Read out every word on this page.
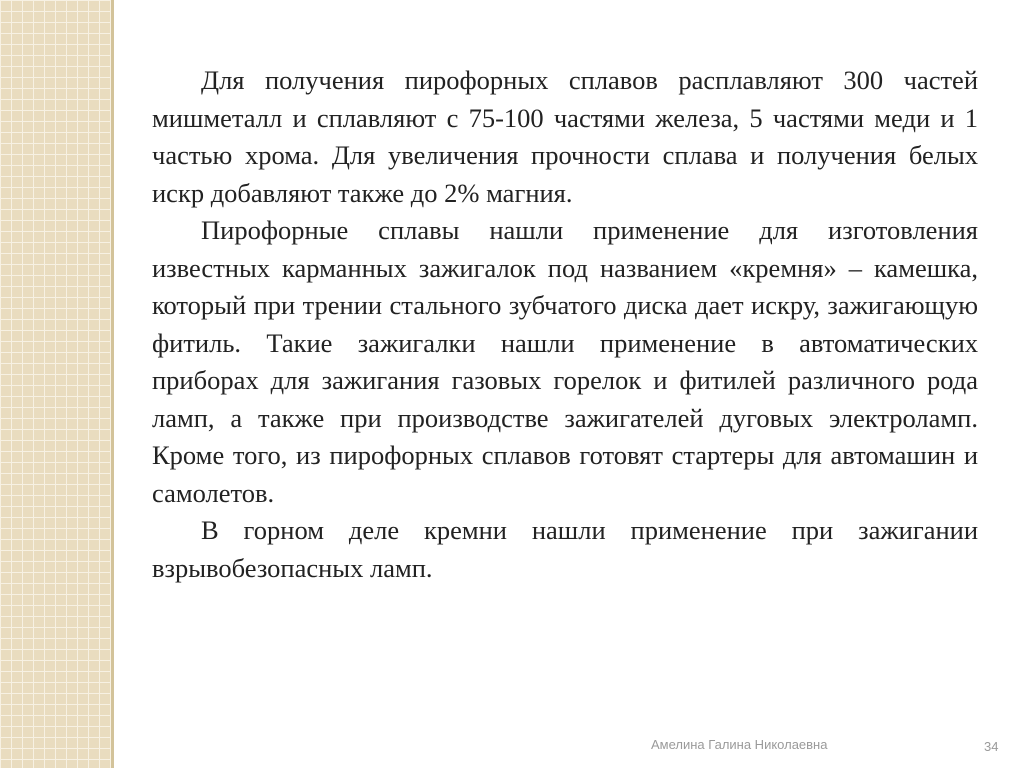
Для получения пирофорных сплавов расплавляют 300 частей мишметалл и сплавляют с 75-100 частями железа, 5 частями меди и 1 частью хрома. Для увеличения прочности сплава и получения белых искр добавляют также до 2% магния.

Пирофорные сплавы нашли применение для изготовления известных карманных зажигалок под названием «кремня» – камешка, который при трении стального зубчатого диска дает искру, зажигающую фитиль. Такие зажигалки нашли применение в автоматических приборах для зажигания газовых горелок и фитилей различного рода ламп, а также при производстве зажигателей дуговых электроламп. Кроме того, из пирофорных сплавов готовят стартеры для автомашин и самолетов.

В горном деле кремни нашли применение при зажигании взрывобезопасных ламп.

Амелина Галина Николаевна	34
